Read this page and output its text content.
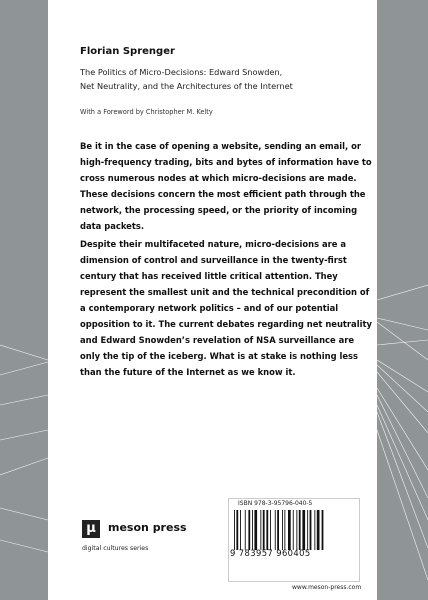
Florian Sprenger
The Politics of Micro-Decisions: Edward Snowden,
Net Neutrality, and the Architectures of the Internet
With a Foreword by Christopher M. Kelty

Be it in the case of opening a website, sending an email, or high-frequency trading, bits and bytes of information have to cross numerous nodes at which micro-decisions are made. These decisions concern the most efficient path through the network, the processing speed, or the priority of incoming data packets.

Despite their multifaceted nature, micro-decisions are a dimension of control and surveillance in the twenty-first century that has received little critical attention. They represent the smallest unit and the technical precondition of a contemporary network politics – and of our potential opposition to it. The current debates regarding net neutrality and Edward Snowden’s revelation of NSA surveillance are only the tip of the iceberg. What is at stake is nothing less than the future of the Internet as we know it.

μ	meson press
digital cultures series
ISBN 978-3-95796-040-5
9 783957 960405
www.meson-press.com
